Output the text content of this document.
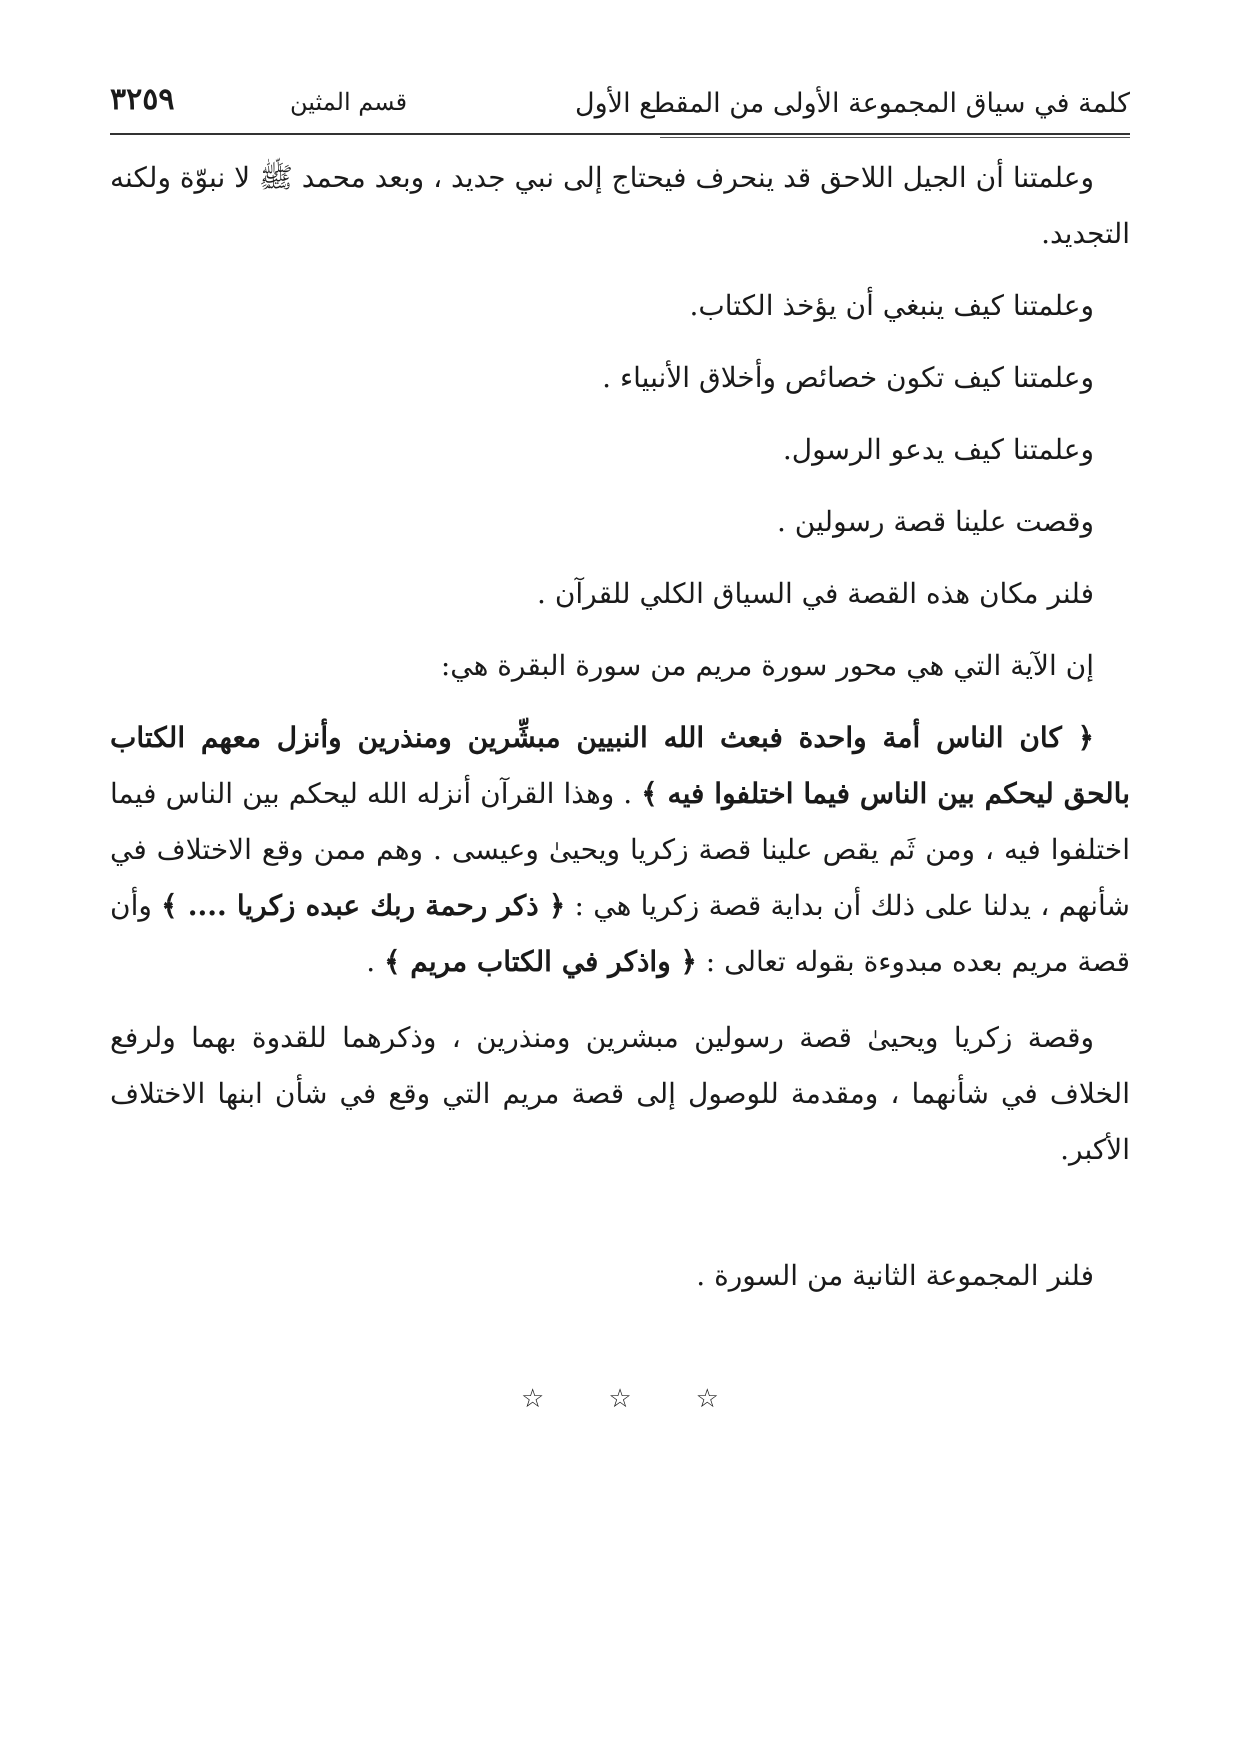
كلمة في سياق المجموعة الأولى من المقطع الأول
قسم المثين
٣٢٥٩

وعلمتنا أن الجيل اللاحق قد ينحرف فيحتاج إلى نبي جديد ، وبعد محمد ﷺ لا نبوّة ولكنه التجديد.

وعلمتنا كيف ينبغي أن يؤخذ الكتاب.

وعلمتنا كيف تكون خصائص وأخلاق الأنبياء .

وعلمتنا كيف يدعو الرسول.

وقصت علينا قصة رسولين .

فلنر مكان هذه القصة في السياق الكلي للقرآن .

إن الآية التي هي محور سورة مريم من سورة البقرة هي:

﴿ كان الناس أمة واحدة فبعث الله النبيين مبشِّرين ومنذرين وأنزل معهم الكتاب بالحق ليحكم بين الناس فيما اختلفوا فيه ﴾ . وهذا القرآن أنزله الله ليحكم بين الناس فيما اختلفوا فيه ، ومن ثَم يقص علينا قصة زكريا ويحيىٰ وعيسى . وهم ممن وقع الاختلاف في شأنهم ، يدلنا على ذلك أن بداية قصة زكريا هي : ﴿ ذكر رحمة ربك عبده زكريا .... ﴾ وأن قصة مريم بعده مبدوءة بقوله تعالى : ﴿ واذكر في الكتاب مريم ﴾ .

وقصة زكريا ويحيىٰ قصة رسولين مبشرين ومنذرين ، وذكرهما للقدوة بهما ولرفع الخلاف في شأنهما ، ومقدمة للوصول إلى قصة مريم التي وقع في شأن ابنها الاختلاف الأكبر.

فلنر المجموعة الثانية من السورة .

☆ ☆ ☆
